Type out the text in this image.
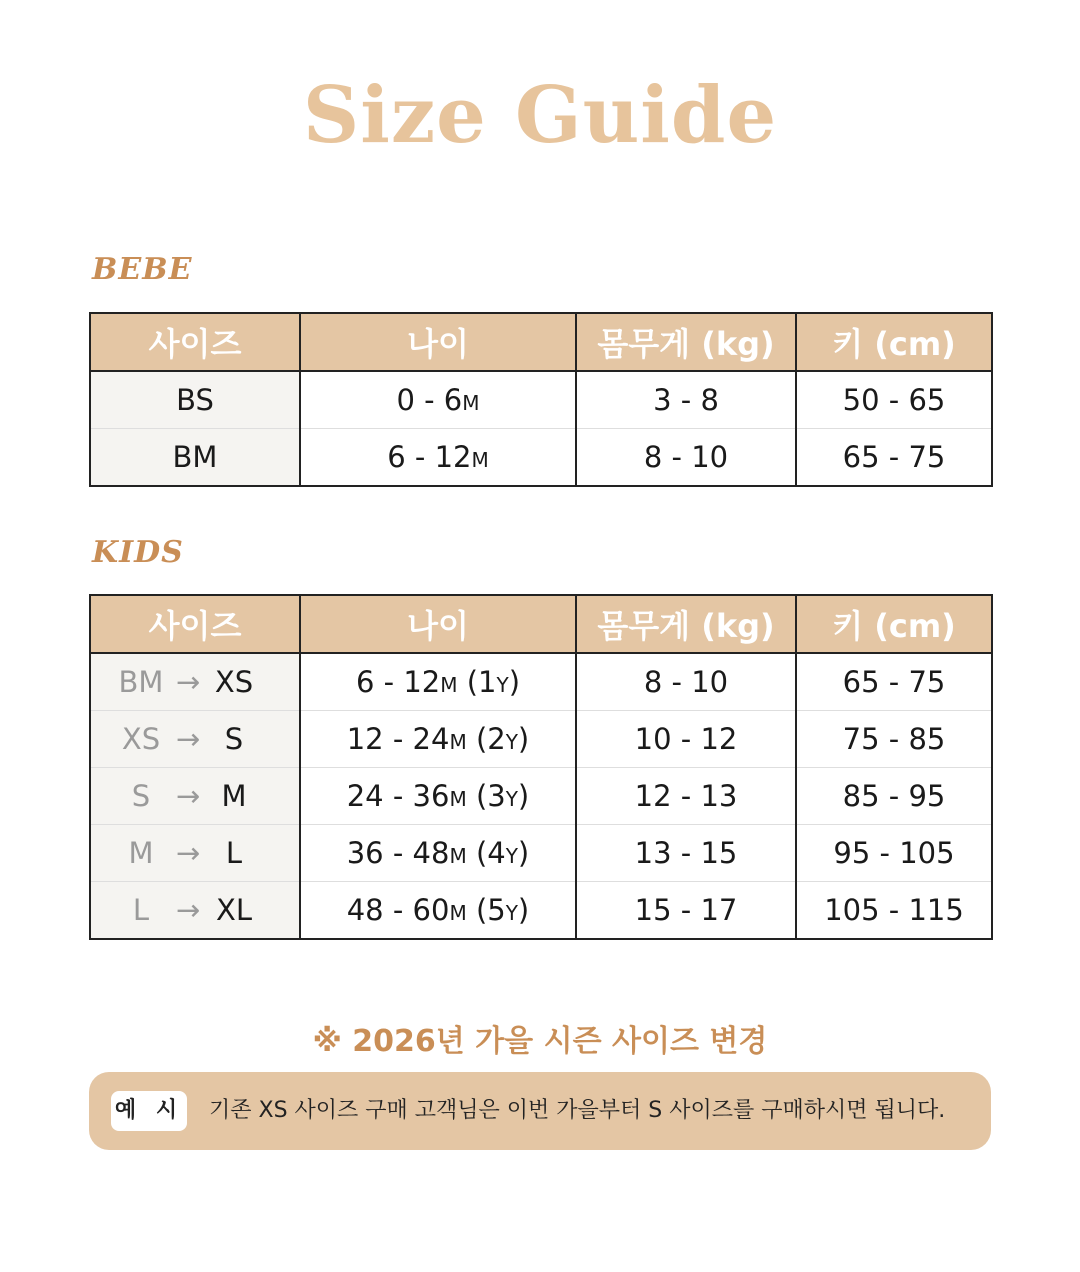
Size Guide
BEBE
사이즈	나이	몸무게 (kg)	키 (cm)
BS	0 - 6M	3 - 8	50 - 65
BM	6 - 12M	8 - 10	65 - 75
KIDS
사이즈	나이	몸무게 (kg)	키 (cm)
BM → XS	6 - 12M (1Y)	8 - 10	65 - 75
XS → S	12 - 24M (2Y)	10 - 12	75 - 85
S → M	24 - 36M (3Y)	12 - 13	85 - 95
M → L	36 - 48M (4Y)	13 - 15	95 - 105
L → XL	48 - 60M (5Y)	15 - 17	105 - 115
※ 2026년 가을 시즌 사이즈 변경
예 시 기존 XS 사이즈 구매 고객님은 이번 가을부터 S 사이즈를 구매하시면 됩니다.
